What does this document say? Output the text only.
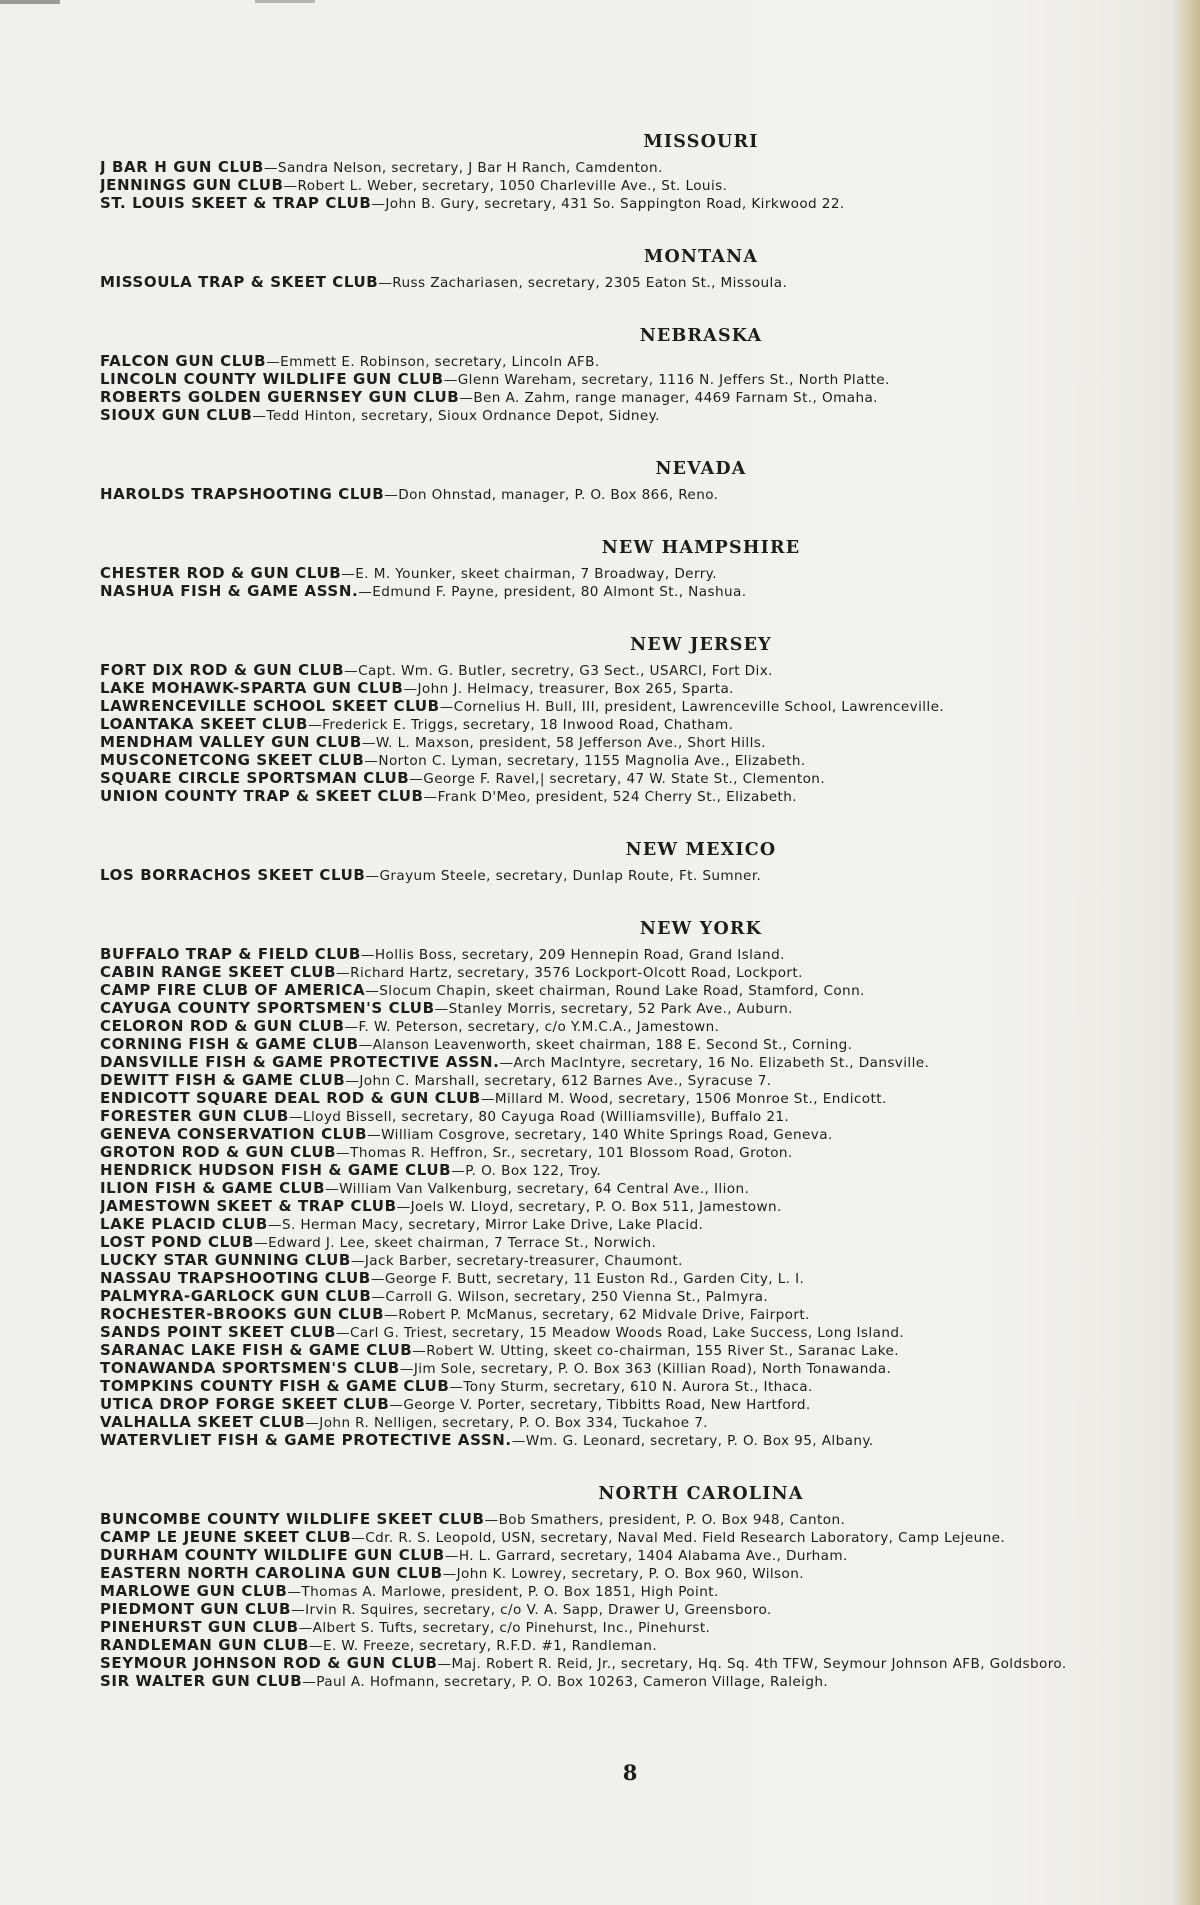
MISSOURI
J BAR H GUN CLUB—Sandra Nelson, secretary, J Bar H Ranch, Camdenton.
JENNINGS GUN CLUB—Robert L. Weber, secretary, 1050 Charleville Ave., St. Louis.
ST. LOUIS SKEET & TRAP CLUB—John B. Gury, secretary, 431 So. Sappington Road, Kirkwood 22.
MONTANA
MISSOULA TRAP & SKEET CLUB—Russ Zachariasen, secretary, 2305 Eaton St., Missoula.
NEBRASKA
FALCON GUN CLUB—Emmett E. Robinson, secretary, Lincoln AFB.
LINCOLN COUNTY WILDLIFE GUN CLUB—Glenn Wareham, secretary, 1116 N. Jeffers St., North Platte.
ROBERTS GOLDEN GUERNSEY GUN CLUB—Ben A. Zahm, range manager, 4469 Farnam St., Omaha.
SIOUX GUN CLUB—Tedd Hinton, secretary, Sioux Ordnance Depot, Sidney.
NEVADA
HAROLDS TRAPSHOOTING CLUB—Don Ohnstad, manager, P. O. Box 866, Reno.
NEW HAMPSHIRE
CHESTER ROD & GUN CLUB—E. M. Younker, skeet chairman, 7 Broadway, Derry.
NASHUA FISH & GAME ASSN.—Edmund F. Payne, president, 80 Almont St., Nashua.
NEW JERSEY
FORT DIX ROD & GUN CLUB—Capt. Wm. G. Butler, secretry, G3 Sect., USARCI, Fort Dix.
LAKE MOHAWK-SPARTA GUN CLUB—John J. Helmacy, treasurer, Box 265, Sparta.
LAWRENCEVILLE SCHOOL SKEET CLUB—Cornelius H. Bull, III, president, Lawrenceville School, Lawrenceville.
LOANTAKA SKEET CLUB—Frederick E. Triggs, secretary, 18 Inwood Road, Chatham.
MENDHAM VALLEY GUN CLUB—W. L. Maxson, president, 58 Jefferson Ave., Short Hills.
MUSCONETCONG SKEET CLUB—Norton C. Lyman, secretary, 1155 Magnolia Ave., Elizabeth.
SQUARE CIRCLE SPORTSMAN CLUB—George F. Ravel,| secretary, 47 W. State St., Clementon.
UNION COUNTY TRAP & SKEET CLUB—Frank D'Meo, president, 524 Cherry St., Elizabeth.
NEW MEXICO
LOS BORRACHOS SKEET CLUB—Grayum Steele, secretary, Dunlap Route, Ft. Sumner.
NEW YORK
BUFFALO TRAP & FIELD CLUB—Hollis Boss, secretary, 209 Hennepin Road, Grand Island.
CABIN RANGE SKEET CLUB—Richard Hartz, secretary, 3576 Lockport-Olcott Road, Lockport.
CAMP FIRE CLUB OF AMERICA—Slocum Chapin, skeet chairman, Round Lake Road, Stamford, Conn.
CAYUGA COUNTY SPORTSMEN'S CLUB—Stanley Morris, secretary, 52 Park Ave., Auburn.
CELORON ROD & GUN CLUB—F. W. Peterson, secretary, c/o Y.M.C.A., Jamestown.
CORNING FISH & GAME CLUB—Alanson Leavenworth, skeet chairman, 188 E. Second St., Corning.
DANSVILLE FISH & GAME PROTECTIVE ASSN.—Arch MacIntyre, secretary, 16 No. Elizabeth St., Dansville.
DEWITT FISH & GAME CLUB—John C. Marshall, secretary, 612 Barnes Ave., Syracuse 7.
ENDICOTT SQUARE DEAL ROD & GUN CLUB—Millard M. Wood, secretary, 1506 Monroe St., Endicott.
FORESTER GUN CLUB—Lloyd Bissell, secretary, 80 Cayuga Road (Williamsville), Buffalo 21.
GENEVA CONSERVATION CLUB—William Cosgrove, secretary, 140 White Springs Road, Geneva.
GROTON ROD & GUN CLUB—Thomas R. Heffron, Sr., secretary, 101 Blossom Road, Groton.
HENDRICK HUDSON FISH & GAME CLUB—P. O. Box 122, Troy.
ILION FISH & GAME CLUB—William Van Valkenburg, secretary, 64 Central Ave., Ilion.
JAMESTOWN SKEET & TRAP CLUB—Joels W. Lloyd, secretary, P. O. Box 511, Jamestown.
LAKE PLACID CLUB—S. Herman Macy, secretary, Mirror Lake Drive, Lake Placid.
LOST POND CLUB—Edward J. Lee, skeet chairman, 7 Terrace St., Norwich.
LUCKY STAR GUNNING CLUB—Jack Barber, secretary-treasurer, Chaumont.
NASSAU TRAPSHOOTING CLUB—George F. Butt, secretary, 11 Euston Rd., Garden City, L. I.
PALMYRA-GARLOCK GUN CLUB—Carroll G. Wilson, secretary, 250 Vienna St., Palmyra.
ROCHESTER-BROOKS GUN CLUB—Robert P. McManus, secretary, 62 Midvale Drive, Fairport.
SANDS POINT SKEET CLUB—Carl G. Triest, secretary, 15 Meadow Woods Road, Lake Success, Long Island.
SARANAC LAKE FISH & GAME CLUB—Robert W. Utting, skeet co-chairman, 155 River St., Saranac Lake.
TONAWANDA SPORTSMEN'S CLUB—Jim Sole, secretary, P. O. Box 363 (Killian Road), North Tonawanda.
TOMPKINS COUNTY FISH & GAME CLUB—Tony Sturm, secretary, 610 N. Aurora St., Ithaca.
UTICA DROP FORGE SKEET CLUB—George V. Porter, secretary, Tibbitts Road, New Hartford.
VALHALLA SKEET CLUB—John R. Nelligen, secretary, P. O. Box 334, Tuckahoe 7.
WATERVLIET FISH & GAME PROTECTIVE ASSN.—Wm. G. Leonard, secretary, P. O. Box 95, Albany.
NORTH CAROLINA
BUNCOMBE COUNTY WILDLIFE SKEET CLUB—Bob Smathers, president, P. O. Box 948, Canton.
CAMP LE JEUNE SKEET CLUB—Cdr. R. S. Leopold, USN, secretary, Naval Med. Field Research Laboratory, Camp Lejeune.
DURHAM COUNTY WILDLIFE GUN CLUB—H. L. Garrard, secretary, 1404 Alabama Ave., Durham.
EASTERN NORTH CAROLINA GUN CLUB—John K. Lowrey, secretary, P. O. Box 960, Wilson.
MARLOWE GUN CLUB—Thomas A. Marlowe, president, P. O. Box 1851, High Point.
PIEDMONT GUN CLUB—Irvin R. Squires, secretary, c/o V. A. Sapp, Drawer U, Greensboro.
PINEHURST GUN CLUB—Albert S. Tufts, secretary, c/o Pinehurst, Inc., Pinehurst.
RANDLEMAN GUN CLUB—E. W. Freeze, secretary, R.F.D. #1, Randleman.
SEYMOUR JOHNSON ROD & GUN CLUB—Maj. Robert R. Reid, Jr., secretary, Hq. Sq. 4th TFW, Seymour Johnson AFB, Goldsboro.
SIR WALTER GUN CLUB—Paul A. Hofmann, secretary, P. O. Box 10263, Cameron Village, Raleigh.
8
